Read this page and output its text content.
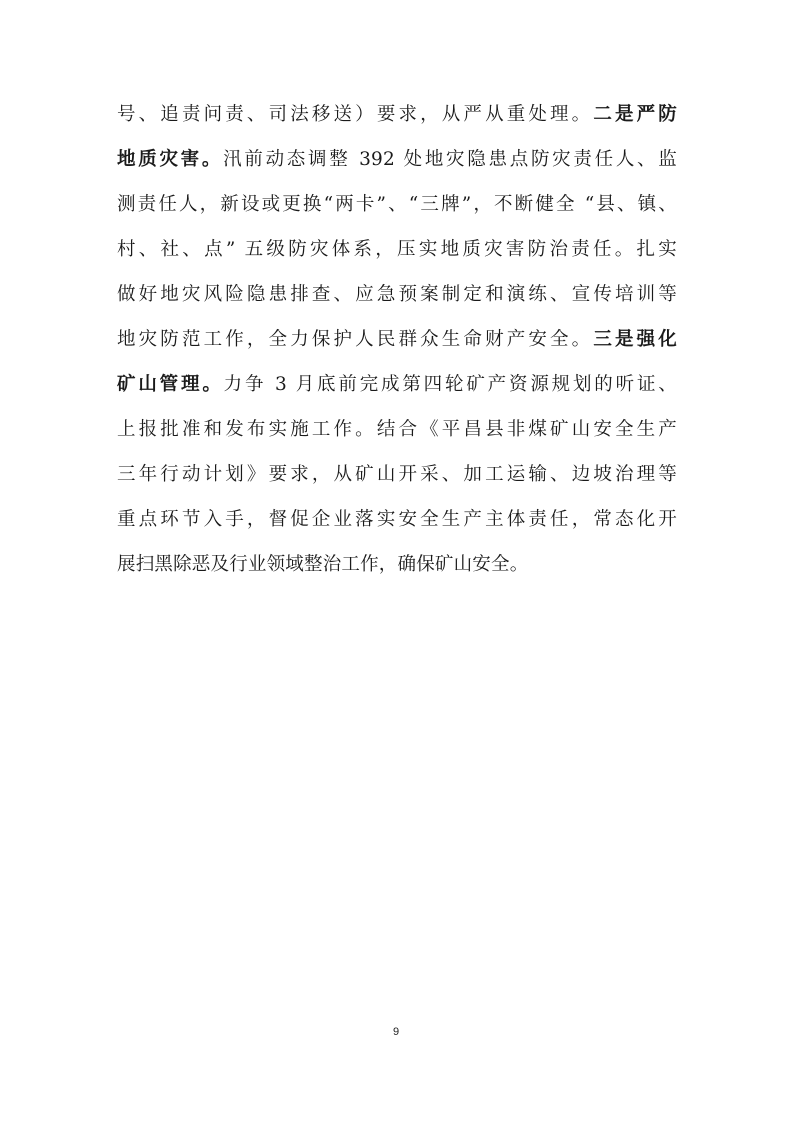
号、追责问责、司法移送）要求，从严从重处理。二是严防
地质灾害。汛前动态调整 392 处地灾隐患点防灾责任人、监
测责任人，新设或更换“两卡”、“三牌”，不断健全 “县、镇、
村、社、点” 五级防灾体系，压实地质灾害防治责任。扎实
做好地灾风险隐患排查、应急预案制定和演练、宣传培训等
地灾防范工作，全力保护人民群众生命财产安全。三是强化
矿山管理。力争 3 月底前完成第四轮矿产资源规划的听证、
上报批准和发布实施工作。结合《平昌县非煤矿山安全生产
三年行动计划》要求，从矿山开采、加工运输、边坡治理等
重点环节入手，督促企业落实安全生产主体责任，常态化开
展扫黑除恶及行业领域整治工作，确保矿山安全。
9
